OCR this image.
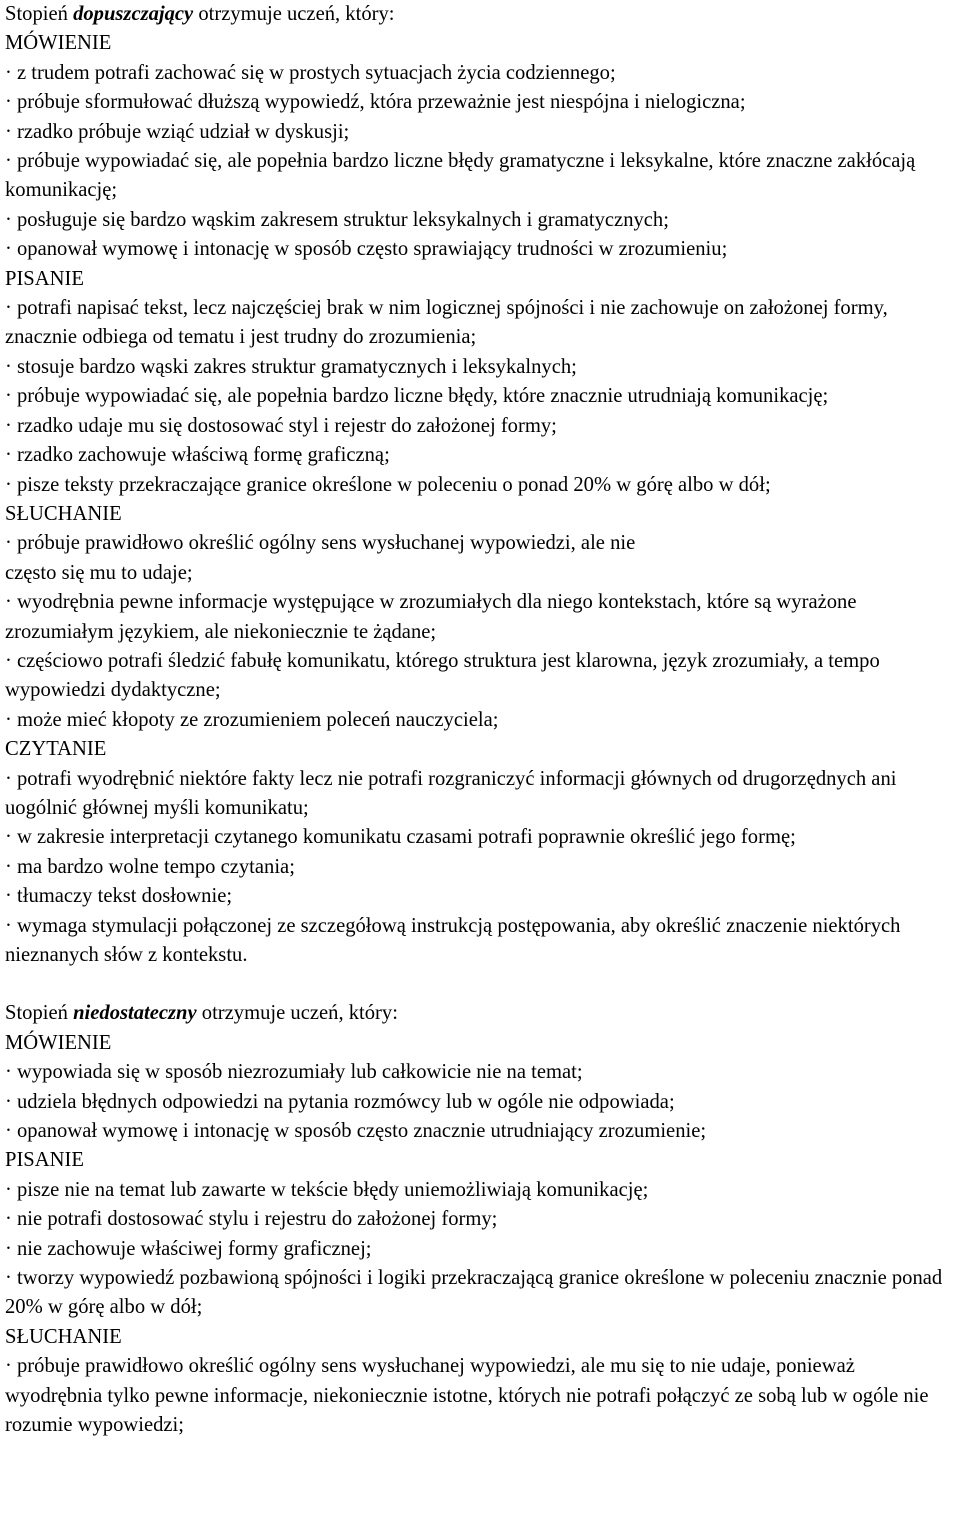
Stopień dopuszczający otrzymuje uczeń, który:

MÓWIENIE

· z trudem potrafi zachować się w prostych sytuacjach życia codziennego;

· próbuje sformułować dłuższą wypowiedź, która przeważnie jest niespójna i nielogiczna;

· rzadko próbuje wziąć udział w dyskusji;

· próbuje wypowiadać się, ale popełnia bardzo liczne błędy gramatyczne i leksykalne, które znaczne zakłócają komunikację;

· posługuje się bardzo wąskim zakresem struktur leksykalnych i gramatycznych;

· opanował wymowę i intonację w sposób często sprawiający trudności w zrozumieniu;

PISANIE

· potrafi napisać tekst, lecz najczęściej brak w nim logicznej spójności i nie zachowuje on założonej formy, znacznie odbiega od tematu i jest trudny do zrozumienia;

· stosuje bardzo wąski zakres struktur gramatycznych i leksykalnych;

· próbuje wypowiadać się, ale popełnia bardzo liczne błędy, które znacznie utrudniają komunikację;

· rzadko udaje mu się dostosować styl i rejestr do założonej formy;

· rzadko zachowuje właściwą formę graficzną;

· pisze teksty przekraczające granice określone w poleceniu o ponad 20% w górę albo w dół;

SŁUCHANIE

· próbuje prawidłowo określić ogólny sens wysłuchanej wypowiedzi, ale nie
często się mu to udaje;

· wyodrębnia pewne informacje występujące w zrozumiałych dla niego kontekstach, które są wyrażone zrozumiałym językiem, ale niekoniecznie te żądane;

· częściowo potrafi śledzić fabułę komunikatu, którego struktura jest klarowna, język zrozumiały, a tempo wypowiedzi dydaktyczne;

· może mieć kłopoty ze zrozumieniem poleceń nauczyciela;

CZYTANIE

· potrafi wyodrębnić niektóre fakty lecz nie potrafi rozgraniczyć informacji głównych od drugorzędnych ani uogólnić głównej myśli komunikatu;

· w zakresie interpretacji czytanego komunikatu czasami potrafi poprawnie określić jego formę;

· ma bardzo wolne tempo czytania;

· tłumaczy tekst dosłownie;

· wymaga stymulacji połączonej ze szczegółową instrukcją postępowania, aby określić znaczenie niektórych nieznanych słów z kontekstu.

Stopień niedostateczny otrzymuje uczeń, który:

MÓWIENIE

· wypowiada się w sposób niezrozumiały lub całkowicie nie na temat;

· udziela błędnych odpowiedzi na pytania rozmówcy lub w ogóle nie odpowiada;

· opanował wymowę i intonację w sposób często znacznie utrudniający zrozumienie;

PISANIE

· pisze nie na temat lub zawarte w tekście błędy uniemożliwiają komunikację;

· nie potrafi dostosować stylu i rejestru do założonej formy;

· nie zachowuje właściwej formy graficznej;

· tworzy wypowiedź pozbawioną spójności i logiki przekraczającą granice określone w poleceniu znacznie ponad 20% w górę albo w dół;

SŁUCHANIE

· próbuje prawidłowo określić ogólny sens wysłuchanej wypowiedzi, ale mu się to nie udaje, ponieważ
wyodrębnia tylko pewne informacje, niekoniecznie istotne, których nie potrafi połączyć ze sobą lub w ogóle nie rozumie wypowiedzi;
